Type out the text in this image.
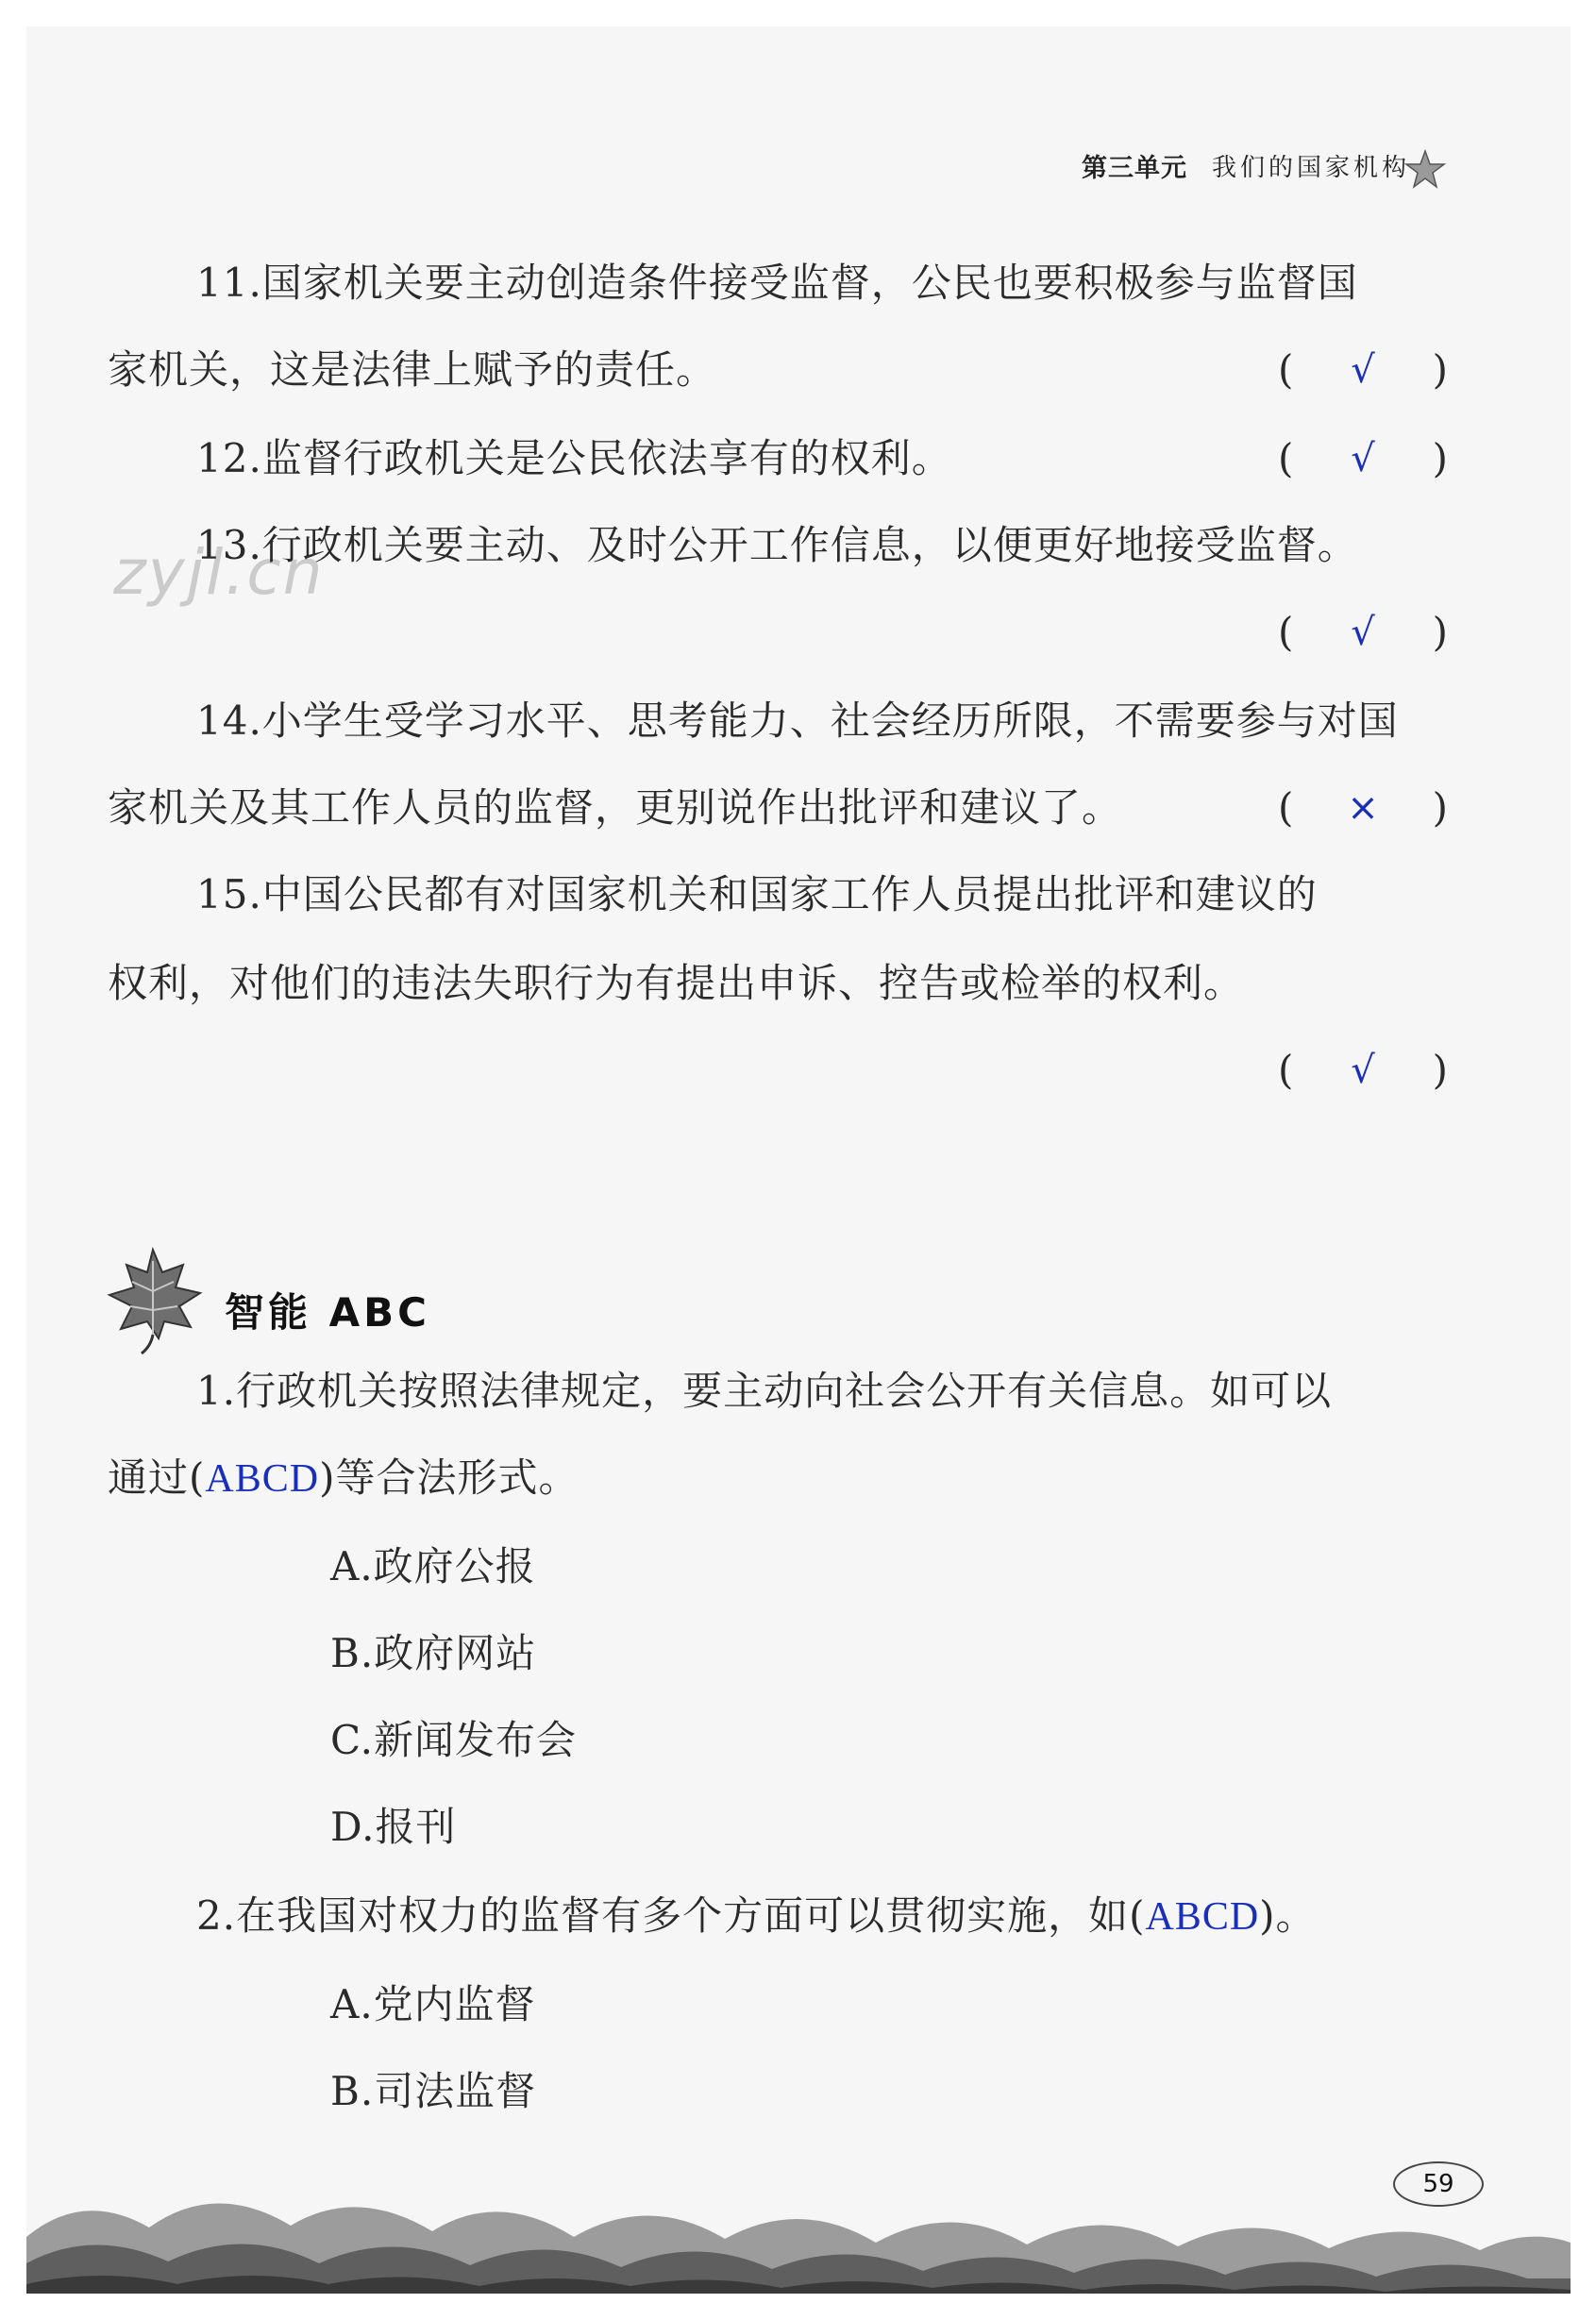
第三单元 我们的国家机构
zyjl.cn
11.国家机关要主动创造条件接受监督，公民也要积极参与监督国
家机关，这是法律上赋予的责任。	(	√	)
12.监督行政机关是公民依法享有的权利。	(	√	)
13.行政机关要主动、及时公开工作信息，以便更好地接受监督。
(	√	)
14.小学生受学习水平、思考能力、社会经历所限，不需要参与对国
家机关及其工作人员的监督，更别说作出批评和建议了。	(	×	)
15.中国公民都有对国家机关和国家工作人员提出批评和建议的
权利，对他们的违法失职行为有提出申诉、控告或检举的权利。
(	√	)
智能 ABC
1.行政机关按照法律规定，要主动向社会公开有关信息。如可以
通过(ABCD)等合法形式。
A.政府公报
B.政府网站
C.新闻发布会
D.报刊
2.在我国对权力的监督有多个方面可以贯彻实施，如(ABCD)。
A.党内监督
B.司法监督
59
